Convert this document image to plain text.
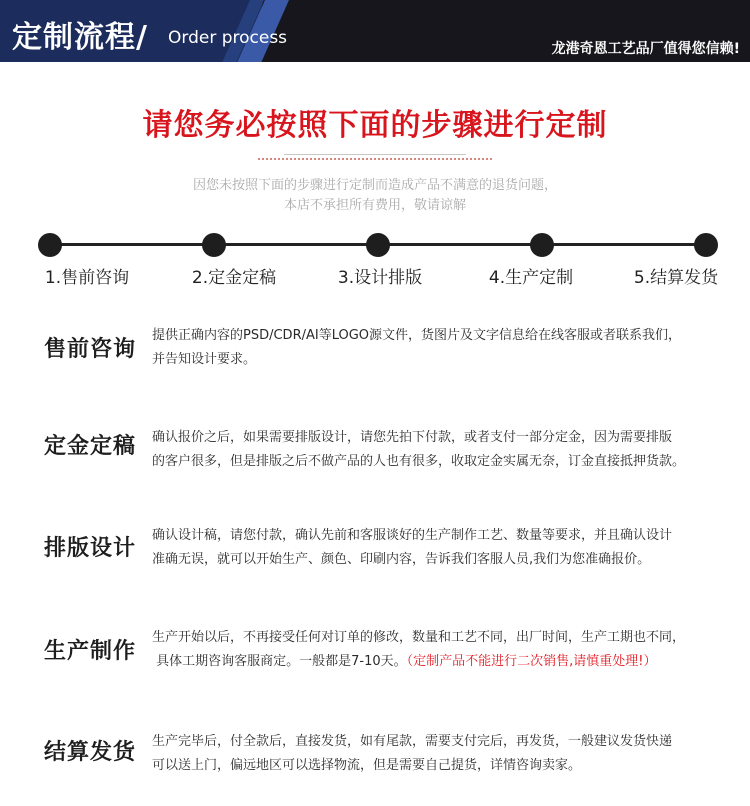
定制流程/ Order process
龙港奇恩工艺品厂值得您信赖!
请您务必按照下面的步骤进行定制
因您未按照下面的步骤进行定制而造成产品不满意的退货问题，
本店不承担所有费用，敬请谅解
1.售前咨询	2.定金定稿	3.设计排版	4.生产定制	5.结算发货
售前咨询
提供正确内容的PSD/CDR/AI等LOGO源文件，货图片及文字信息给在线客服或者联系我们，
并告知设计要求。
定金定稿 确认报价之后，如果需要排版设计，请您先拍下付款，或者支付一部分定金，因为需要排版
的客户很多，但是排版之后不做产品的人也有很多，收取定金实属无奈，订金直接抵押货款。
排版设计
确认设计稿，请您付款，确认先前和客服谈好的生产制作工艺、数量等要求，并且确认设计
准确无误，就可以开始生产、颜色、印刷内容，告诉我们客服人员,我们为您准确报价。
生产制作
生产开始以后，不再接受任何对订单的修改，数量和工艺不同，出厂时间，生产工期也不同，
具体工期咨询客服商定。一般都是7-10天。（定制产品不能进行二次销售,请慎重处理!）
结算发货 生产完毕后，付全款后，直接发货，如有尾款，需要支付完后，再发货，一般建议发货快递
可以送上门，偏远地区可以选择物流，但是需要自己提货，详情咨询卖家。
